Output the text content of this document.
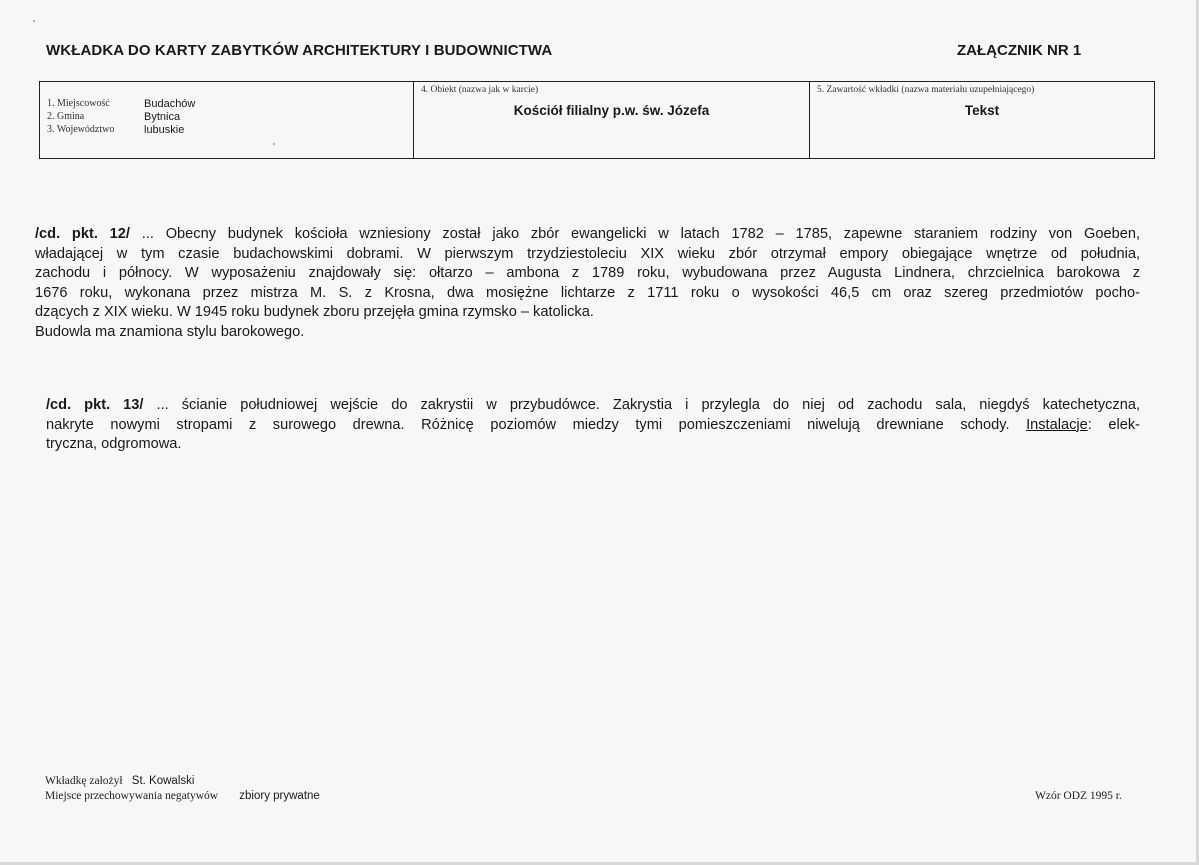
WKŁADKA DO KARTY ZABYTKÓW ARCHITEKTURY I BUDOWNICTWA	ZAŁĄCZNIK NR 1
1. Miejscowość	Budachów
2. Gmina	Bytnica
3. Województwo	lubuskie
4. Obiekt (nazwa jak w karcie)
Kościół filialny p.w. św. Józefa
5. Zawartość wkładki (nazwa materiału uzupełniającego)
Tekst
/cd. pkt. 12/ ... Obecny budynek kościoła wzniesiony został jako zbór ewangelicki w latach 1782 – 1785, zapewne staraniem rodziny von Goeben,
władającej w tym czasie budachowskimi dobrami. W pierwszym trzydziestoleciu XIX wieku zbór otrzymał empory obiegające wnętrze od południa,
zachodu i północy. W wyposażeniu znajdowały się: ołtarzo – ambona z 1789 roku, wybudowana przez Augusta Lindnera, chrzcielnica barokowa z
1676 roku, wykonana przez mistrza M. S. z Krosna, dwa mosiężne lichtarze z 1711 roku o wysokości 46,5 cm oraz szereg przedmiotów pocho-
dzących z XIX wieku. W 1945 roku budynek zboru przejęła gmina rzymsko – katolicka.
Budowla ma znamiona stylu barokowego.
/cd. pkt. 13/ ... ścianie południowej wejście do zakrystii w przybudówce. Zakrystia i przylegla do niej od zachodu sala, niegdyś katechetyczna,
nakryte nowymi stropami z surowego drewna. Różnicę poziomów miedzy tymi pomieszczeniami niwelują drewniane schody. Instalacje: elek-
tryczna, odgromowa.
Wkładkę założył St. Kowalski
Miejsce przechowywania negatywów zbiory prywatne	Wzór ODZ 1995 r.
